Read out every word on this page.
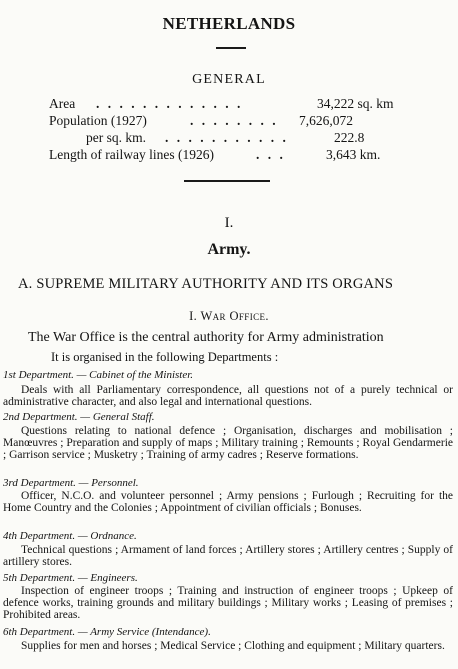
NETHERLANDS
GENERAL
Area . . . . . . . . . . . . .	34,222 sq. km
Population (1927)	. . . . . . . . 7,626,072
per sq. km. . . . . . . . . . . .	222.8
Length of railway lines (1926)	. . .	3,643 km.
I.
Army.
A. SUPREME MILITARY AUTHORITY AND ITS ORGANS
I. War Office.
The War Office is the central authority for Army administration
It is organised in the following Departments :
1st Department. — Cabinet of the Minister.
Deals with all Parliamentary correspondence, all questions not of a purely technical or administrative character, and also legal and international questions.
2nd Department. — General Staff.
Questions relating to national defence ; Organisation, discharges and mobilisation ; Manœuvres ; Preparation and supply of maps ; Military training ; Remounts ; Royal Gendarmerie ; Garrison service ; Musketry ; Training of army cadres ; Reserve formations.
3rd Department. — Personnel.
Officer, N.C.O. and volunteer personnel ; Army pensions ; Furlough ; Recruiting for the Home Country and the Colonies ; Appointment of civilian officials ; Bonuses.
4th Department. — Ordnance.
Technical questions ; Armament of land forces ; Artillery stores ; Artillery centres ; Supply of artillery stores.
5th Department. — Engineers.
Inspection of engineer troops ; Training and instruction of engineer troops ; Upkeep of defence works, training grounds and military buildings ; Military works ; Leasing of premises ; Prohibited areas.
6th Department. — Army Service (Intendance).
Supplies for men and horses ; Medical Service ; Clothing and equipment ; Military quarters.
